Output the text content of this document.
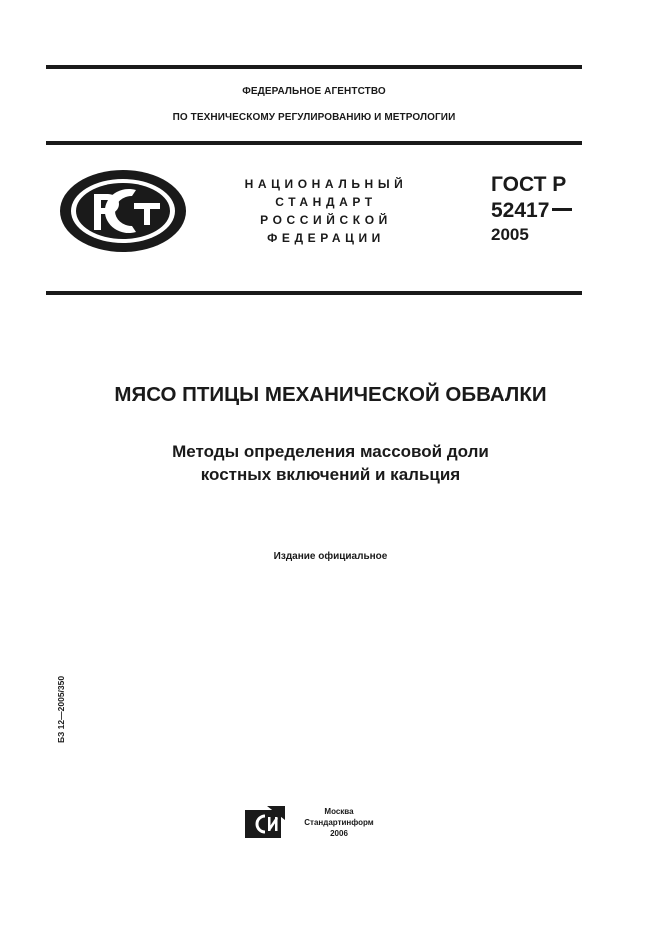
ФЕДЕРАЛЬНОЕ АГЕНТСТВО
ПО ТЕХНИЧЕСКОМУ РЕГУЛИРОВАНИЮ И МЕТРОЛОГИИ
НАЦИОНАЛЬНЫЙ
СТАНДАРТ
РОССИЙСКОЙ
ФЕДЕРАЦИИ
ГОСТ Р
52417
2005
МЯСО ПТИЦЫ МЕХАНИЧЕСКОЙ ОБВАЛКИ
Методы определения массовой доли
костных включений и кальция
Издание официальное
БЗ 12—2005/350
Москва
Стандартинформ
2006
